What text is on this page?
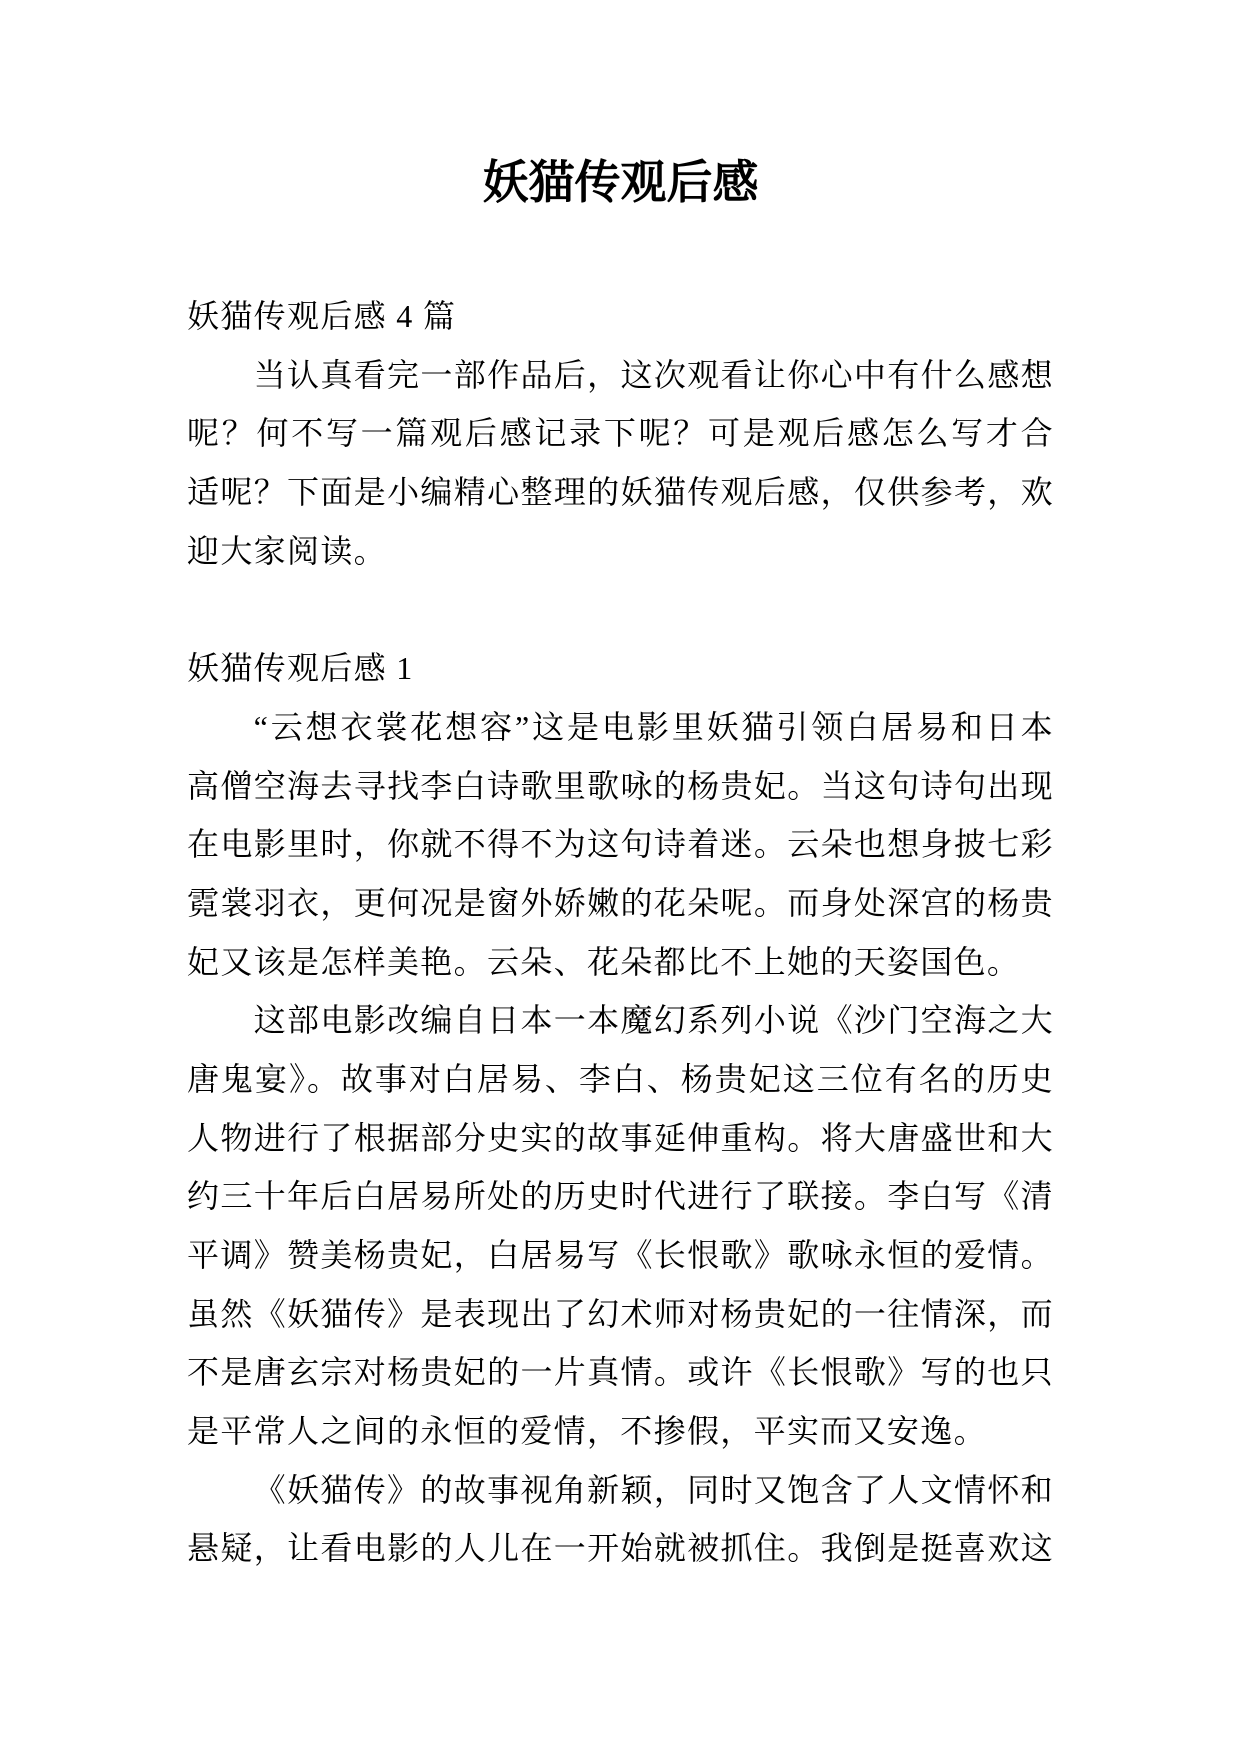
妖猫传观后感
妖猫传观后感 4 篇
当认真看完一部作品后，这次观看让你心中有什么感想
呢？何不写一篇观后感记录下呢？可是观后感怎么写才合
适呢？下面是小编精心整理的妖猫传观后感，仅供参考，欢
迎大家阅读。
妖猫传观后感 1
“云想衣裳花想容”这是电影里妖猫引领白居易和日本
高僧空海去寻找李白诗歌里歌咏的杨贵妃。当这句诗句出现
在电影里时，你就不得不为这句诗着迷。云朵也想身披七彩
霓裳羽衣，更何况是窗外娇嫩的花朵呢。而身处深宫的杨贵
妃又该是怎样美艳。云朵、花朵都比不上她的天姿国色。
这部电影改编自日本一本魔幻系列小说《沙门空海之大
唐鬼宴》。故事对白居易、李白、杨贵妃这三位有名的历史
人物进行了根据部分史实的故事延伸重构。将大唐盛世和大
约三十年后白居易所处的历史时代进行了联接。李白写《清
平调》赞美杨贵妃，白居易写《长恨歌》歌咏永恒的爱情。
虽然《妖猫传》是表现出了幻术师对杨贵妃的一往情深，而
不是唐玄宗对杨贵妃的一片真情。或许《长恨歌》写的也只
是平常人之间的永恒的爱情，不掺假，平实而又安逸。
《妖猫传》的故事视角新颖，同时又饱含了人文情怀和
悬疑，让看电影的人儿在一开始就被抓住。我倒是挺喜欢这
